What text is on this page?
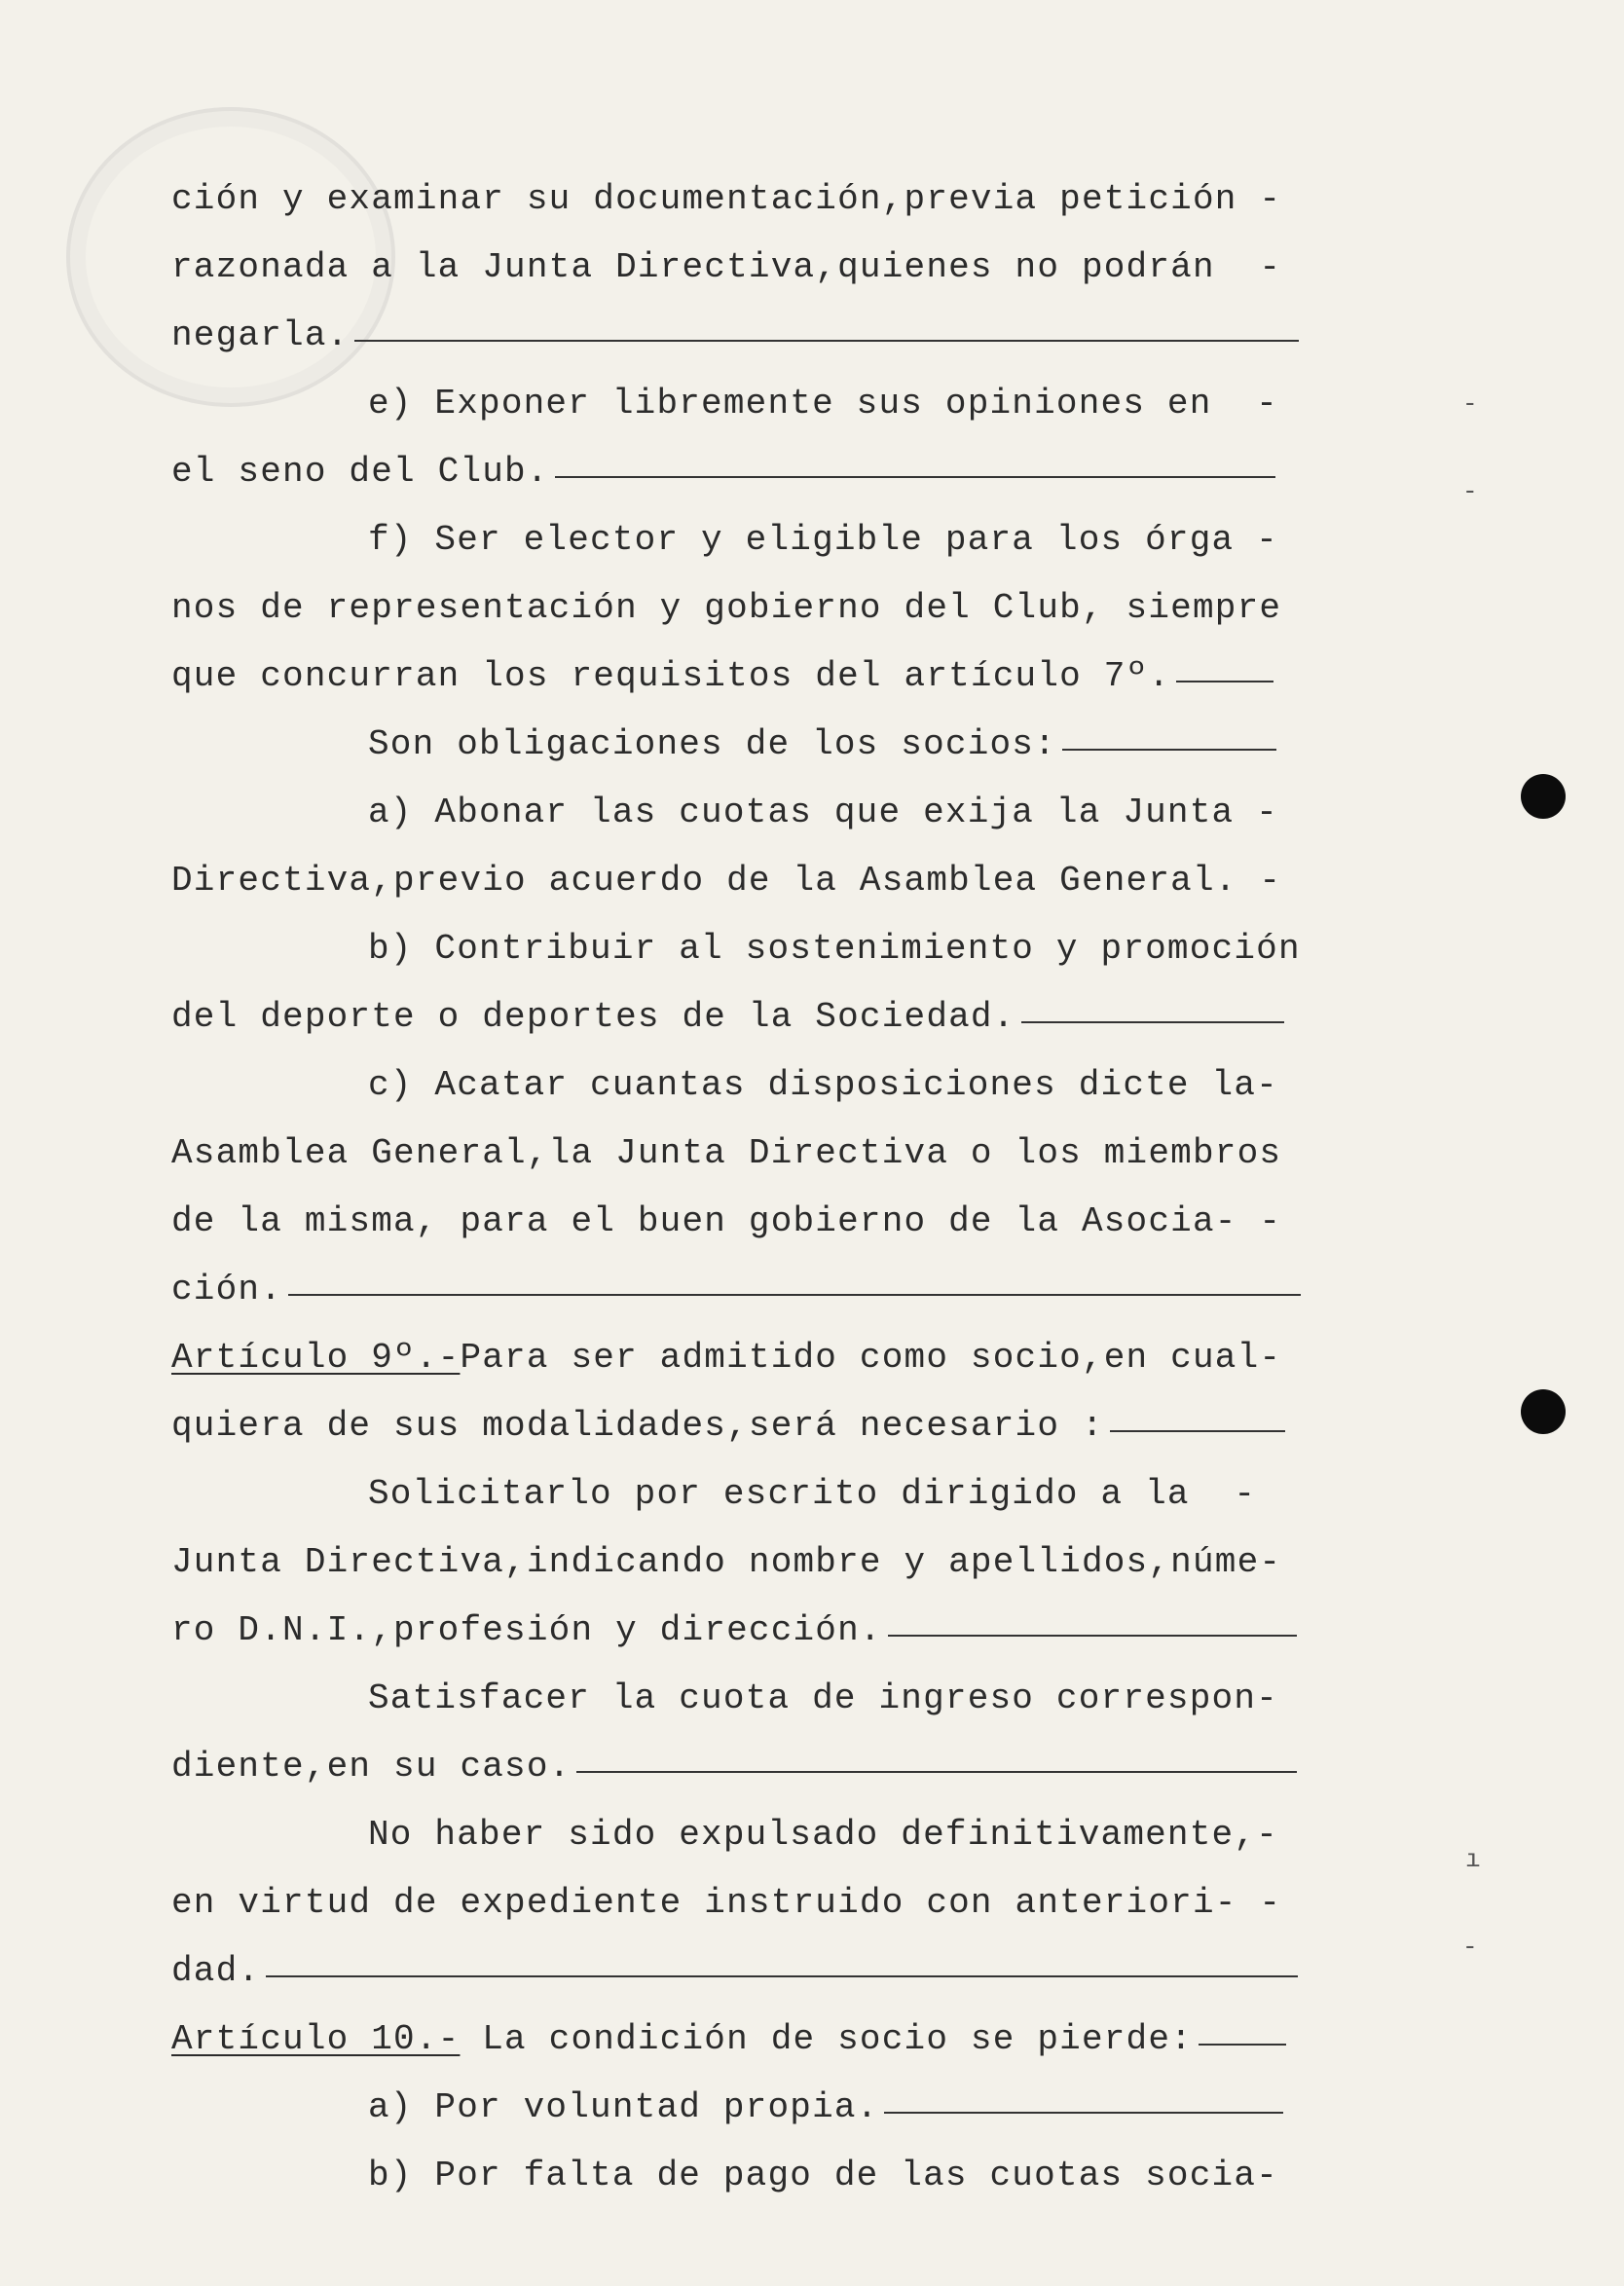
-
-
ı
-
ción y examinar su documentación,previa petición -
razonada a la Junta Directiva,quienes no podrán  -
negarla.
e) Exponer libremente sus opiniones en  -
el seno del Club.
f) Ser elector y eligible para los órga -
nos de representación y gobierno del Club, siempre
que concurran los requisitos del artículo 7º.
Son obligaciones de los socios:
a) Abonar las cuotas que exija la Junta -
Directiva,previo acuerdo de la Asamblea General. -
b) Contribuir al sostenimiento y promoción
del deporte o deportes de la Sociedad.
c) Acatar cuantas disposiciones dicte la-
Asamblea General,la Junta Directiva o los miembros
de la misma, para el buen gobierno de la Asocia- -
ción.
Artículo 9º.-Para ser admitido como socio,en cual-
quiera de sus modalidades,será necesario :
Solicitarlo por escrito dirigido a la  -
Junta Directiva,indicando nombre y apellidos,núme-
ro D.N.I.,profesión y dirección.
Satisfacer la cuota de ingreso correspon-
diente,en su caso.
No haber sido expulsado definitivamente,-
en virtud de expediente instruido con anteriori- -
dad.
Artículo 10.- La condición de socio se pierde:
a) Por voluntad propia.
b) Por falta de pago de las cuotas socia-
